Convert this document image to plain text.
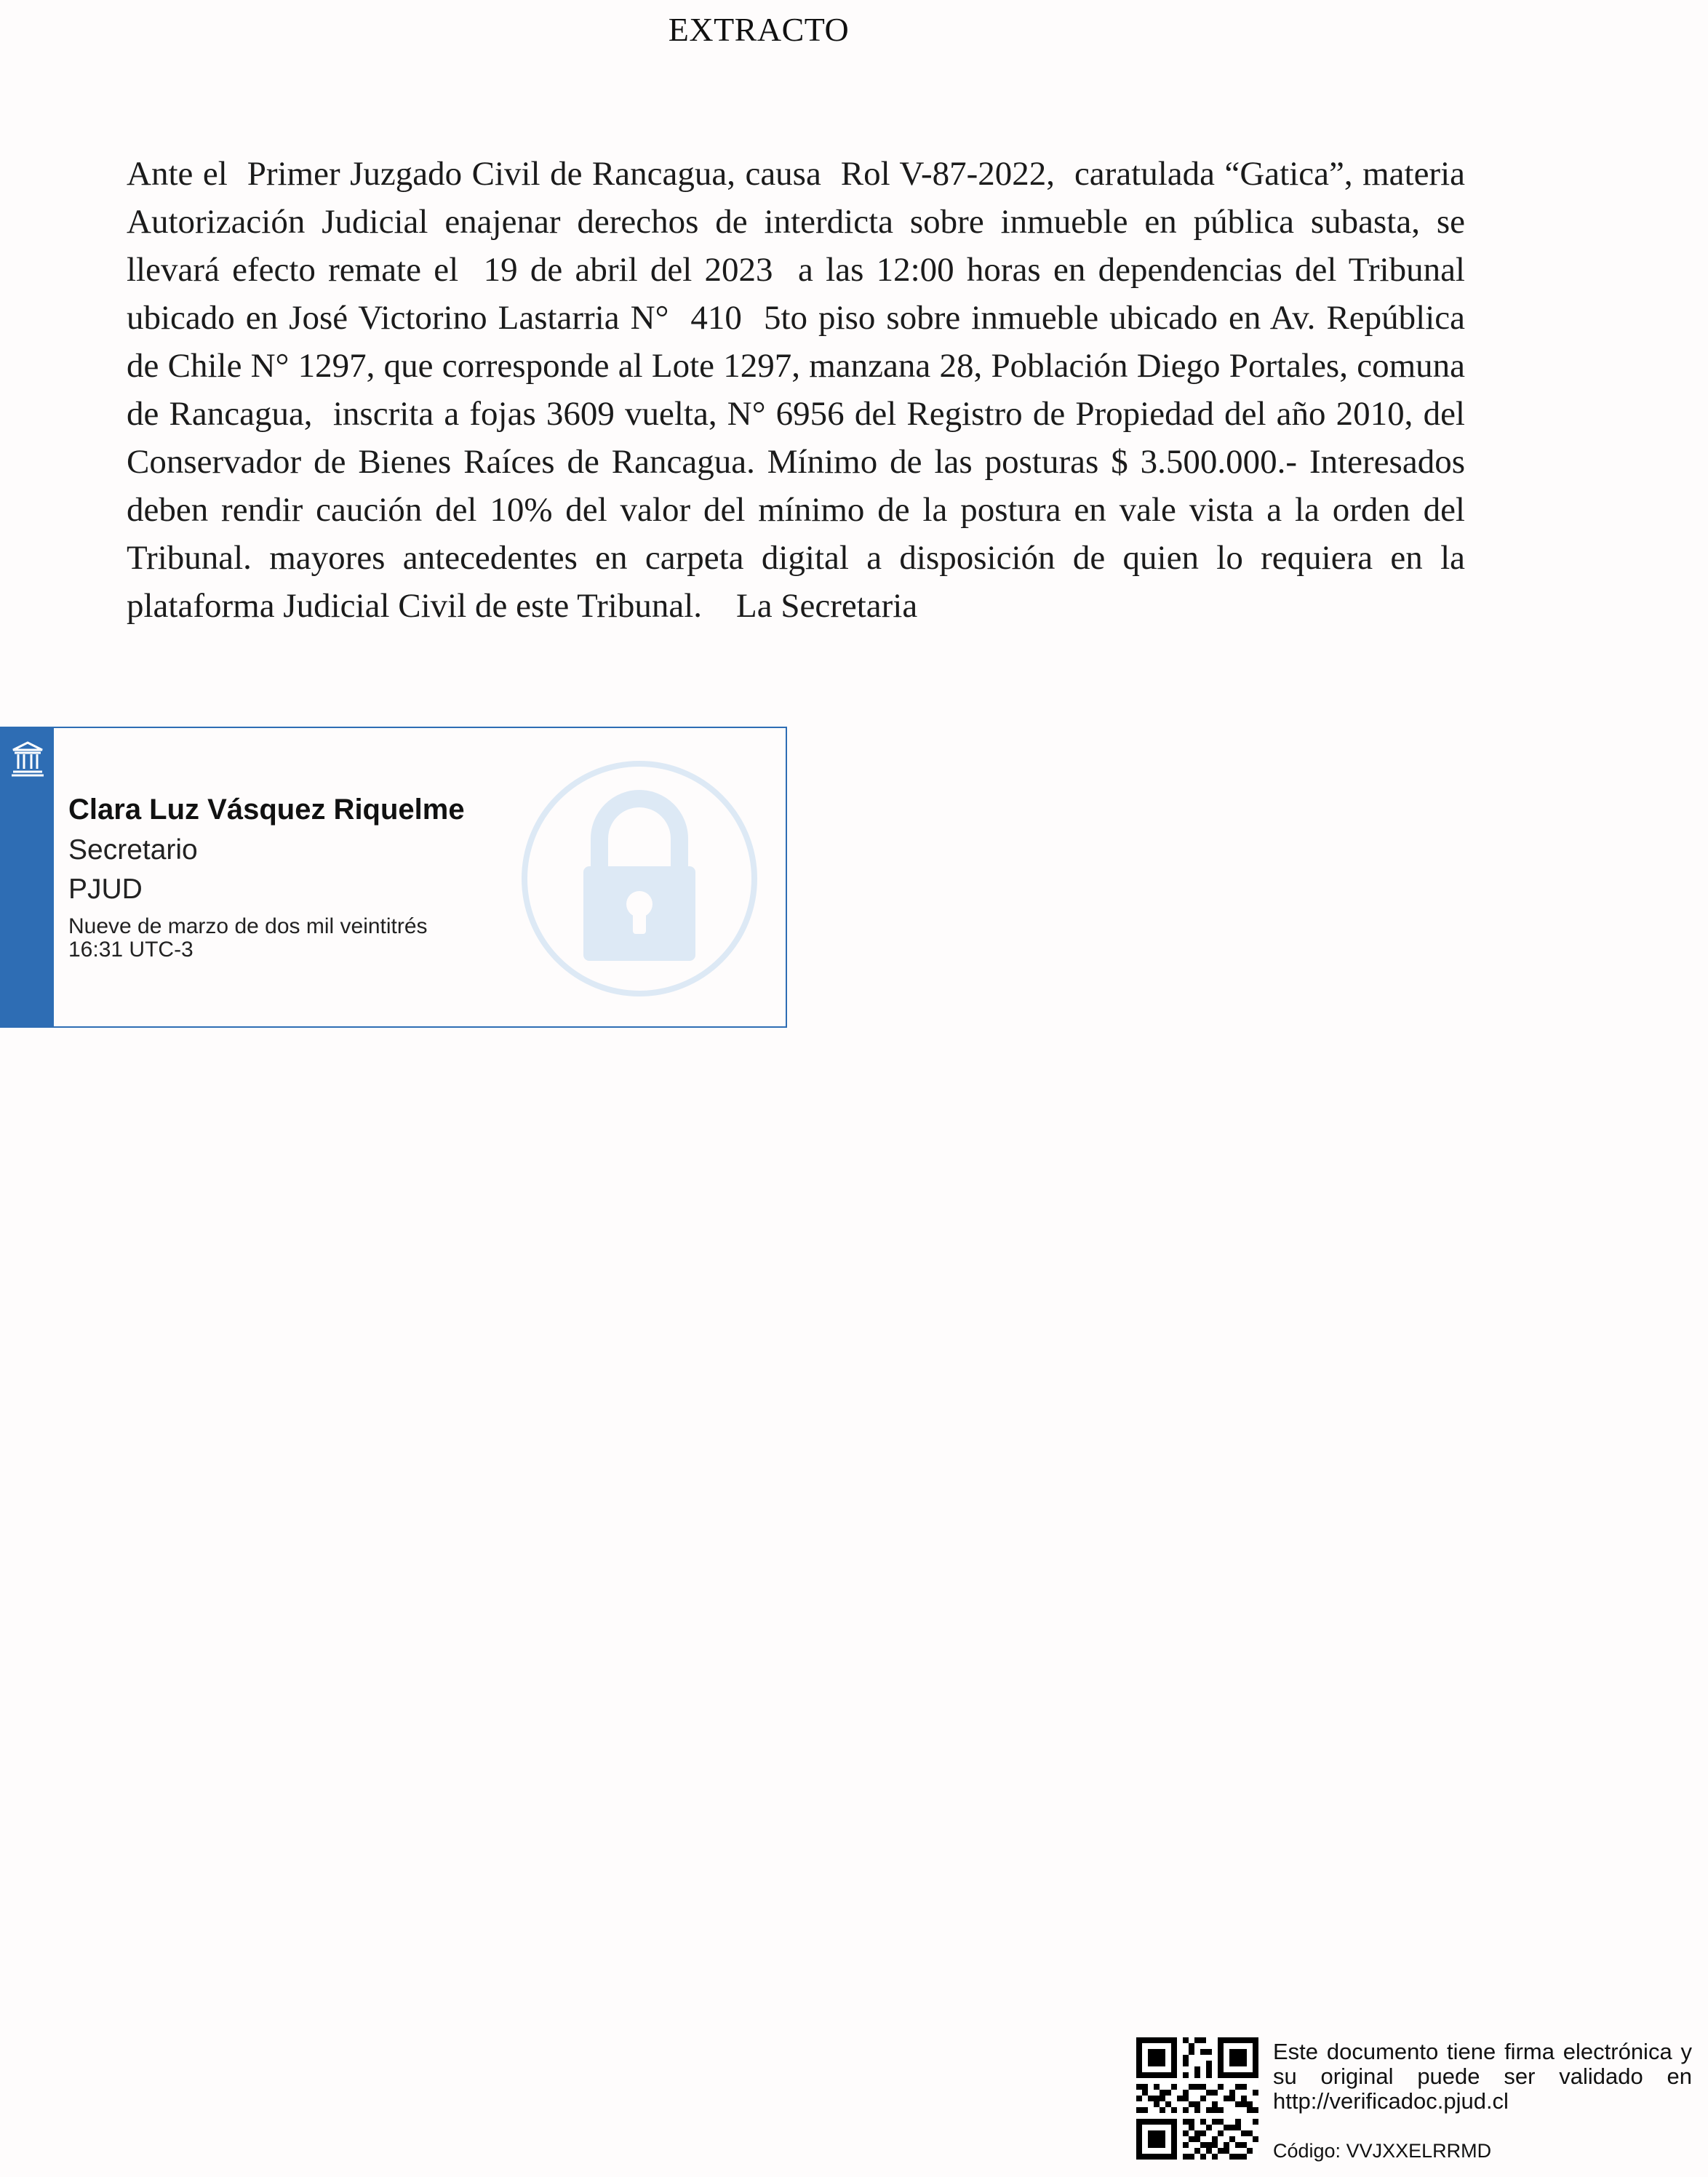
EXTRACTO

Ante el  Primer Juzgado Civil de Rancagua, causa  Rol V-87-2022,  caratulada “Gatica”, materia Autorización Judicial enajenar derechos de interdicta sobre inmueble en pública subasta, se llevará efecto remate el  19 de abril del 2023  a las 12:00 horas en dependencias del Tribunal ubicado en José Victorino Lastarria N°  410  5to piso sobre inmueble ubicado en Av. República de Chile N° 1297, que corresponde al Lote 1297, manzana 28, Población Diego Portales, comuna de Rancagua,  inscrita a fojas 3609 vuelta, N° 6956 del Registro de Propiedad del año 2010, del Conservador de Bienes Raíces de Rancagua. Mínimo de las posturas $ 3.500.000.- Interesados  deben rendir caución del 10% del valor del mínimo de la postura en vale vista a la orden del Tribunal. mayores antecedentes en carpeta digital a disposición de quien lo requiera en la plataforma Judicial Civil de este Tribunal.    La Secretaria

Clara Luz Vásquez Riquelme
Secretario
PJUD
Nueve de marzo de dos mil veintitrés
16:31 UTC-3

Este documento tiene firma electrónica y su original puede ser validado en http://verificadoc.pjud.cl

Código: VVJXXELRRMD
